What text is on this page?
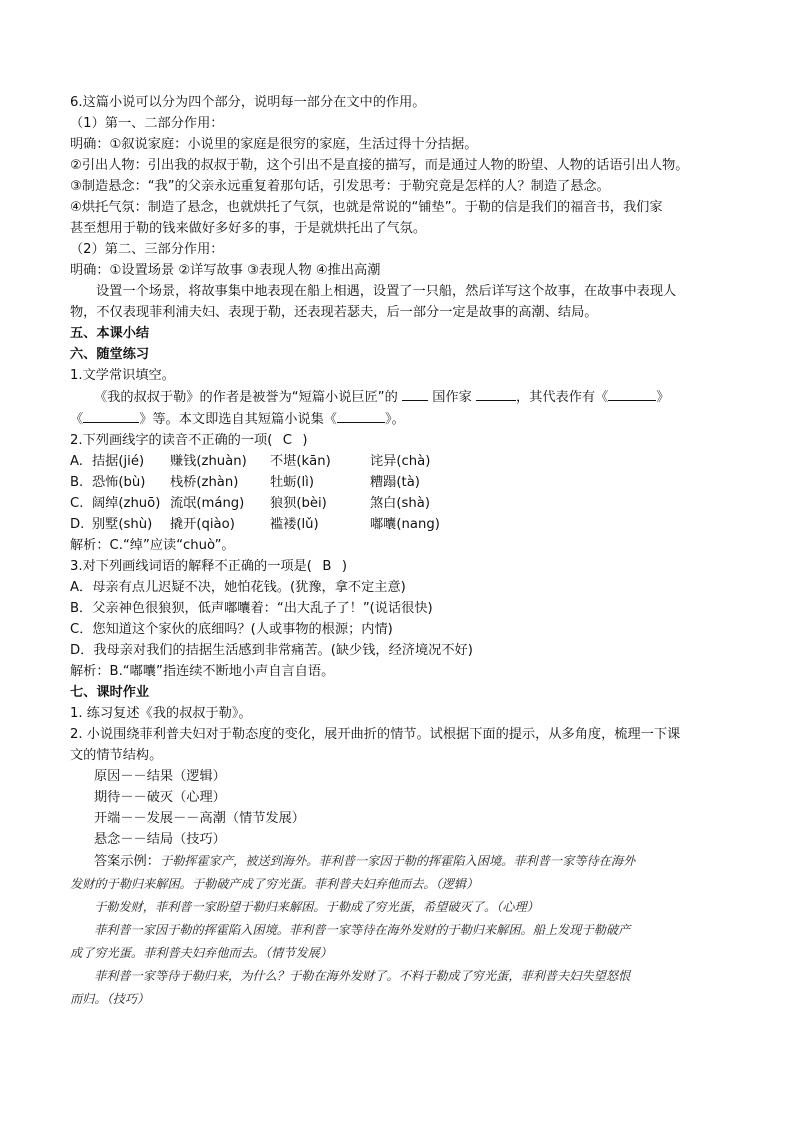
6.这篇小说可以分为四个部分，说明每一部分在文中的作用。
（1）第一、二部分作用：
明确：①叙说家庭：小说里的家庭是很穷的家庭，生活过得十分拮据。
②引出人物：引出我的叔叔于勒，这个引出不是直接的描写，而是通过人物的盼望、人物的话语引出人物。
③制造悬念：“我”的父亲永远重复着那句话，引发思考：于勒究竟是怎样的人？制造了悬念。
④烘托气氛：制造了悬念，也就烘托了气氛，也就是常说的“铺垫”。于勒的信是我们的福音书，我们家
甚至想用于勒的钱来做好多好多的事，于是就烘托出了气氛。
（2）第二、三部分作用：
明确：①设置场景 ②详写故事 ③表现人物 ④推出高潮
设置一个场景，将故事集中地表现在船上相遇，设置了一只船，然后详写这个故事，在故事中表现人
物，不仅表现菲利浦夫妇、表现于勒，还表现若瑟夫，后一部分一定是故事的高潮、结局。
五、本课小结
六、随堂练习
1.文学常识填空。
《我的叔叔于勒》的作者是被誉为“短篇小说巨匠”的	国作家	，其代表作有《	》
《	》等。本文即选自其短篇小说集《	》。
2.下列画线字的读音不正确的一项( C )
A. 拮据(jié)	赚钱(zhuàn)	不堪(kān)	诧异(chà)
B. 恐怖(bù)	栈桥(zhàn)	牡蛎(lì)	糟蹋(tà)
C. 阔绰(zhuō) 流氓(máng)	狼狈(bèi)	煞白(shà)
D. 别墅(shù)	撬开(qiào)	褴褛(lǔ)	嘟囔(nang)
解析：C.“绰”应读“chuò”。
3.对下列画线词语的解释不正确的一项是( B )
A．母亲有点儿迟疑不决，她怕花钱。(犹豫，拿不定主意)
B．父亲神色很狼狈，低声嘟囔着：“出大乱子了！”(说话很快)
C．您知道这个家伙的底细吗？(人或事物的根源；内情)
D．我母亲对我们的拮据生活感到非常痛苦。(缺少钱，经济境况不好)
解析：B.“嘟囔”指连续不断地小声自言自语。
七、课时作业
1. 练习复述《我的叔叔于勒》。
2. 小说围绕菲利普夫妇对于勒态度的变化，展开曲折的情节。试根据下面的提示，从多角度，梳理一下课
文的情节结构。
原因－－结果（逻辑）
期待－－破灭（心理）
开端－－发展－－高潮（情节发展）
悬念－－结局（技巧）
答案示例：于勒挥霍家产，被送到海外。菲利普一家因于勒的挥霍陷入困境。菲利普一家等待在海外
发财的于勒归来解困。于勒破产成了穷光蛋。菲利普夫妇弃他而去。（逻辑）
于勒发财，菲利普一家盼望于勒归来解困。于勒成了穷光蛋，希望破灭了。（心理）
菲利普一家因于勒的挥霍陷入困境。菲利普一家等待在海外发财的于勒归来解困。船上发现于勒破产
成了穷光蛋。菲利普夫妇弃他而去。（情节发展）
菲利普一家等待于勒归来，为什么？于勒在海外发财了。不料于勒成了穷光蛋，菲利普夫妇失望怒恨
而归。（技巧）
